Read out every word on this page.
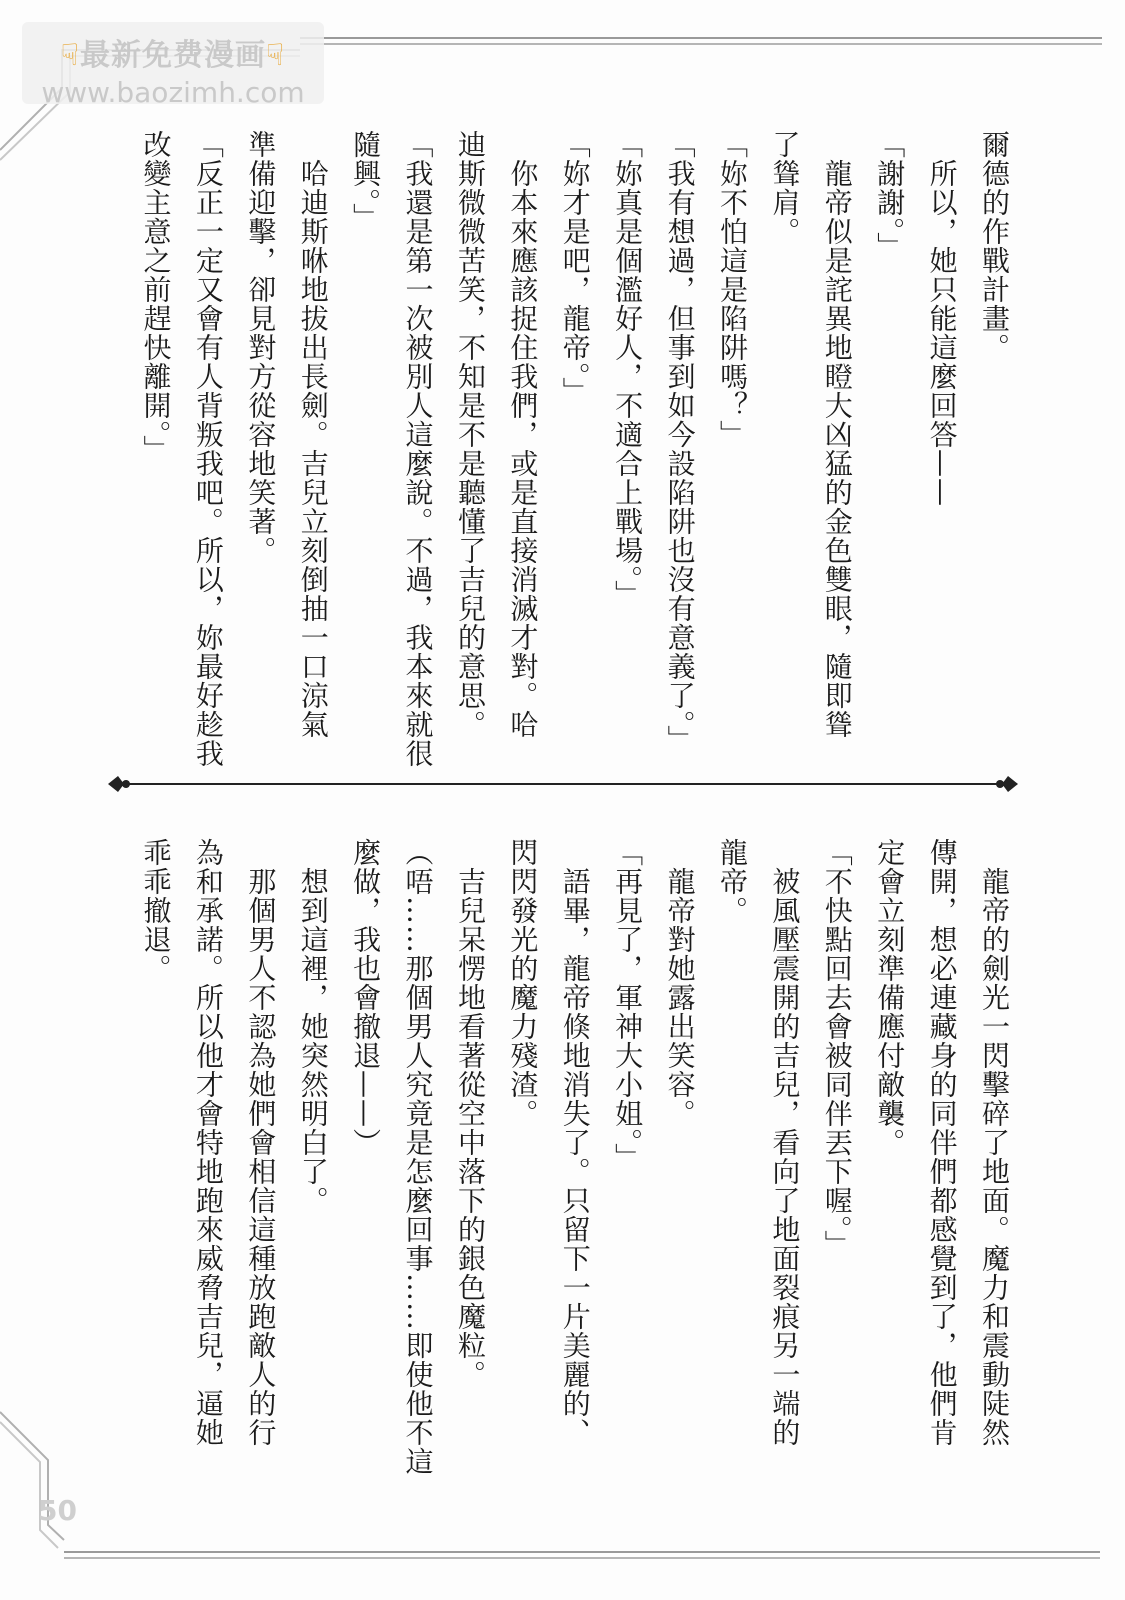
☟最新免费漫画☟
www.baozimh.com

爾德的作戰計畫。

　所以，她只能這麼回答——

「謝謝。」

　龍帝似是詫異地瞪大凶猛的金色雙眼，隨即聳

了聳肩。

「妳不怕這是陷阱嗎？」

「我有想過，但事到如今設陷阱也沒有意義了。」

「妳真是個濫好人，不適合上戰場。」

「妳才是吧，龍帝。」

　你本來應該捉住我們，或是直接消滅才對。哈

迪斯微微苦笑，不知是不是聽懂了吉兒的意思。

「我還是第一次被別人這麼說。不過，我本來就很

隨興。」

　哈迪斯咻地拔出長劍。吉兒立刻倒抽一口涼氣

準備迎擊，卻見對方從容地笑著。

「反正一定又會有人背叛我吧。所以，妳最好趁我

改變主意之前趕快離開。」

　龍帝的劍光一閃擊碎了地面。魔力和震動陡然

傳開，想必連藏身的同伴們都感覺到了，他們肯

定會立刻準備應付敵襲。

「不快點回去會被同伴丟下喔。」

　被風壓震開的吉兒，看向了地面裂痕另一端的

龍帝。

　龍帝對她露出笑容。

「再見了，軍神大小姐。」

　語畢，龍帝倏地消失了。只留下一片美麗的、

閃閃發光的魔力殘渣。

　吉兒呆愣地看著從空中落下的銀色魔粒。

（唔……那個男人究竟是怎麼回事……即使他不這

麼做，我也會撤退——）

　想到這裡，她突然明白了。

　那個男人不認為她們會相信這種放跑敵人的行

為和承諾。所以他才會特地跑來威脅吉兒，逼她

乖乖撤退。

50
